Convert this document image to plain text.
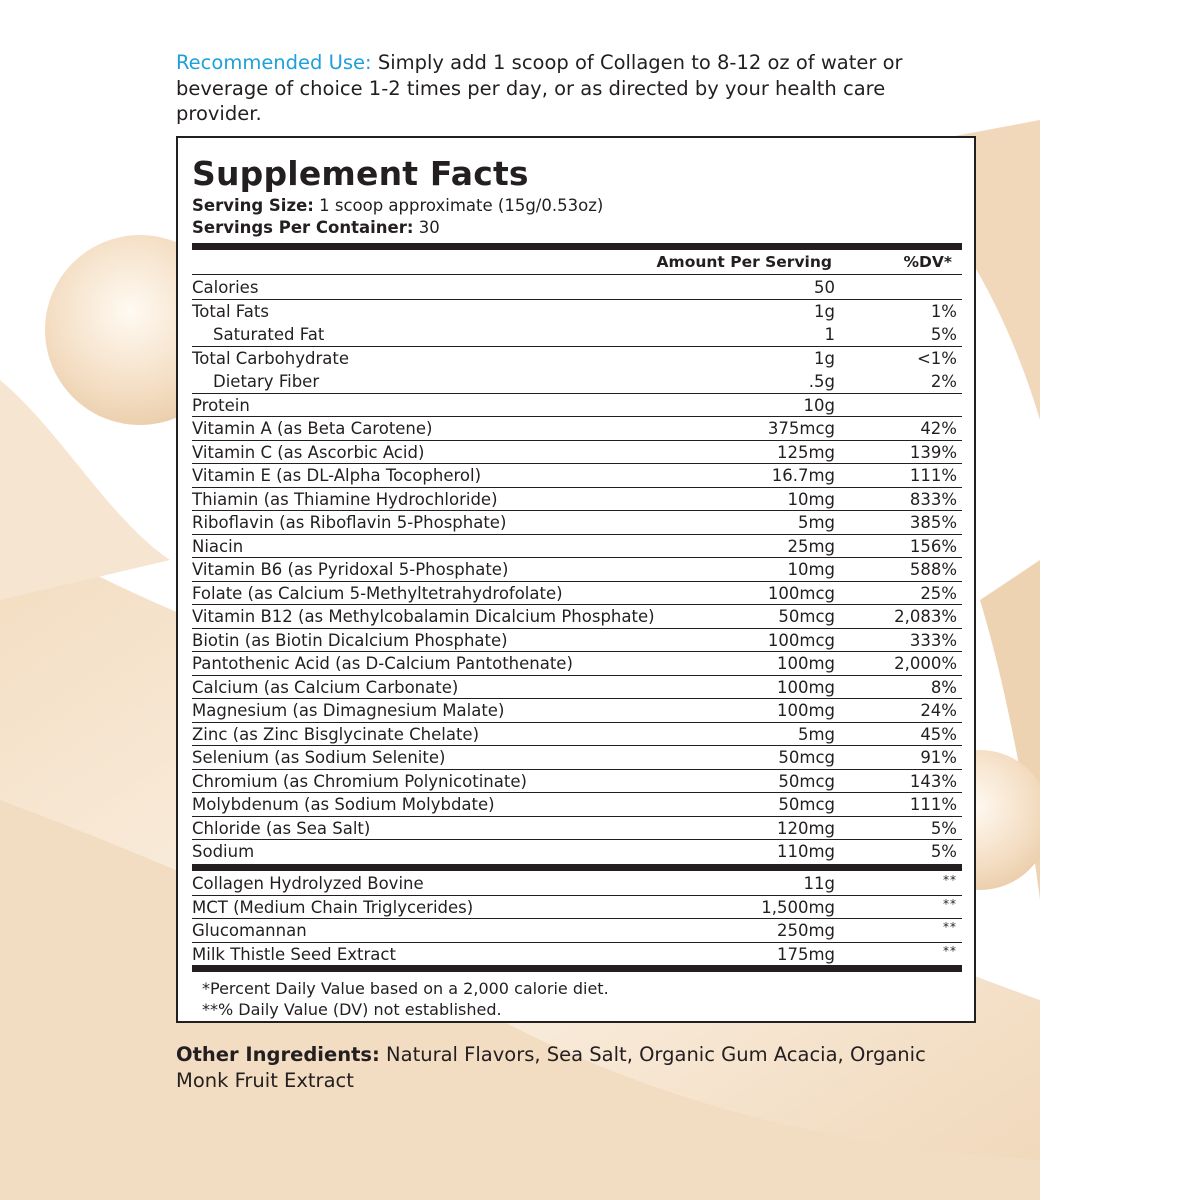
Recommended Use: Simply add 1 scoop of Collagen to 8-12 oz of water or beverage of choice 1-2 times per day, or as directed by your health care provider.
Supplement Facts
Serving Size: 1 scoop approximate (15g/0.53oz)
Servings Per Container: 30
Amount Per Serving	%DV*
Calories	50
Total Fats	1g	1%
Saturated Fat	1	5%
Total Carbohydrate	1g	<1%
Dietary Fiber	.5g	2%
Protein	10g
Vitamin A (as Beta Carotene)	375mcg	42%
Vitamin C (as Ascorbic Acid)	125mg	139%
Vitamin E (as DL-Alpha Tocopherol)	16.7mg	111%
Thiamin (as Thiamine Hydrochloride)	10mg	833%
Riboflavin (as Riboflavin 5-Phosphate)	5mg	385%
Niacin	25mg	156%
Vitamin B6 (as Pyridoxal 5-Phosphate)	10mg	588%
Folate (as Calcium 5-Methyltetrahydrofolate)	100mcg	25%
Vitamin B12 (as Methylcobalamin Dicalcium Phosphate)	50mcg	2,083%
Biotin (as Biotin Dicalcium Phosphate)	100mcg	333%
Pantothenic Acid (as D-Calcium Pantothenate)	100mg	2,000%
Calcium (as Calcium Carbonate)	100mg	8%
Magnesium (as Dimagnesium Malate)	100mg	24%
Zinc (as Zinc Bisglycinate Chelate)	5mg	45%
Selenium (as Sodium Selenite)	50mcg	91%
Chromium (as Chromium Polynicotinate)	50mcg	143%
Molybdenum (as Sodium Molybdate)	50mcg	111%
Chloride (as Sea Salt)	120mg	5%
Sodium	110mg	5%
Collagen Hydrolyzed Bovine	11g	**
MCT (Medium Chain Triglycerides)	1,500mg	**
Glucomannan	250mg	**
Milk Thistle Seed Extract	175mg	**
*Percent Daily Value based on a 2,000 calorie diet.
**% Daily Value (DV) not established.
Other Ingredients: Natural Flavors, Sea Salt, Organic Gum Acacia, Organic Monk Fruit Extract
